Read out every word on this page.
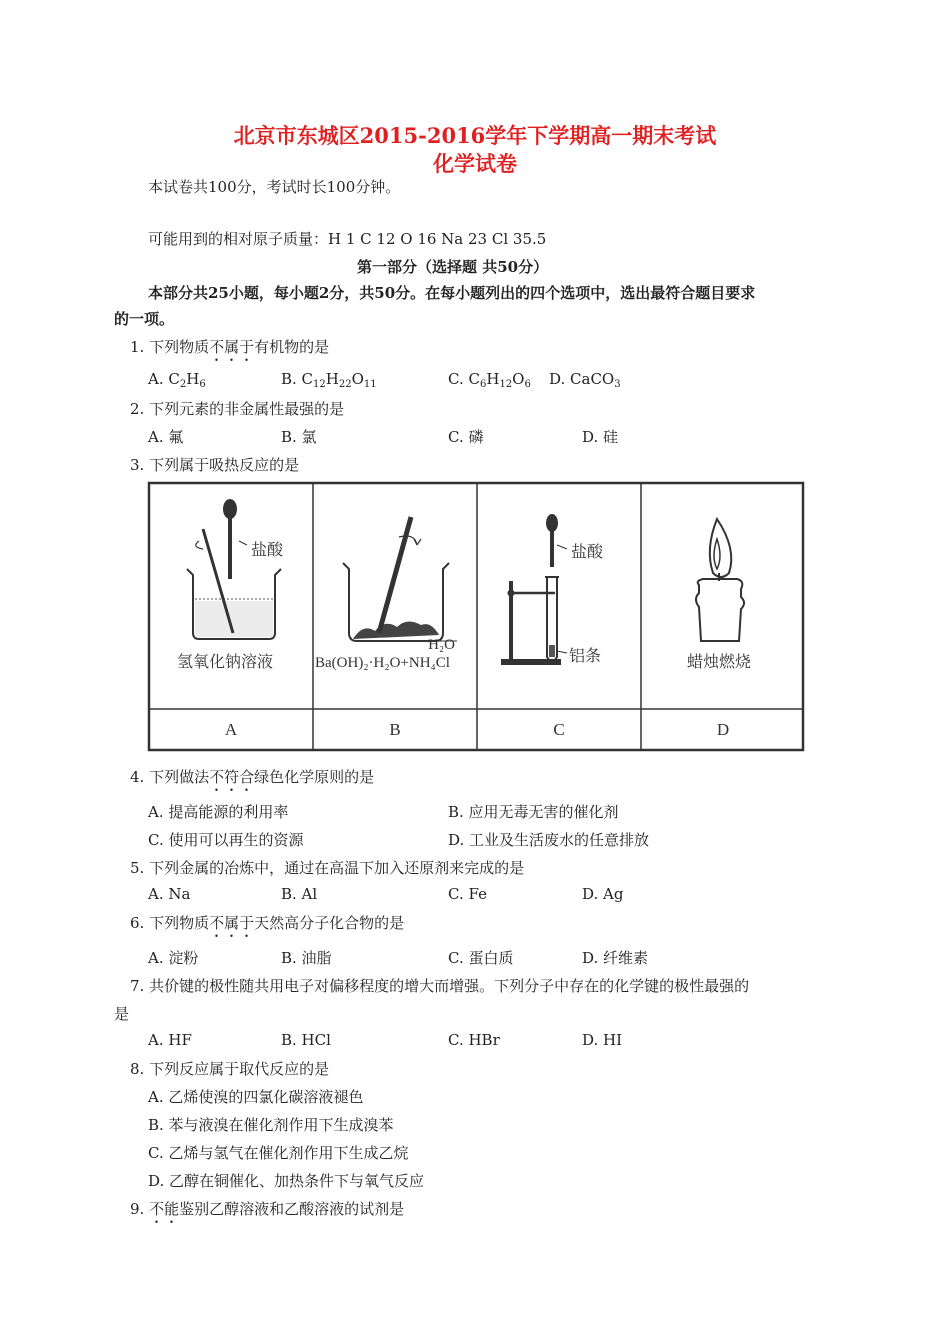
北京市东城区2015-2016学年下学期高一期末考试
化学试卷
本试卷共100分，考试时长100分钟。
可能用到的相对原子质量：H 1 C 12 O 16 Na 23 Cl 35.5
第一部分（选择题 共50分）
本部分共25小题，每小题2分，共50分。在每小题列出的四个选项中，选出最符合题目要求
的一项。
1. 下列物质不属于有机物的是
A. $C_2H_6$	B. $C_{12}H_{22}O_{11}$	C. $C_6H_{12}O_6$ D. CaCO$_3$
2. 下列元素的非金属性最强的是
A. 氟	B. 氯	C. 磷	D. 硅
3. 下列属于吸热反应的是
盐酸
氢氧化钠溶液
H₂O
Ba(OH)₂·H₂O+NH₄Cl
盐酸
铝条	蜡烛燃烧
A	B	C	D
4. 下列做法不符合绿色化学原则的是
A. 提高能源的利用率	B. 应用无毒无害的催化剂
C. 使用可以再生的资源	D. 工业及生活废水的任意排放
5. 下列金属的冶炼中，通过在高温下加入还原剂来完成的是
A. Na	B. Al	C. Fe	D. Ag
6. 下列物质不属于天然高分子化合物的是
A. 淀粉	B. 油脂	C. 蛋白质	D. 纤维素
7. 共价键的极性随共用电子对偏移程度的增大而增强。下列分子中存在的化学键的极性最强的
是
A. HF	B. HCl	C. HBr	D. HI
8. 下列反应属于取代反应的是
A. 乙烯使溴的四氯化碳溶液褪色
B. 苯与液溴在催化剂作用下生成溴苯
C. 乙烯与氢气在催化剂作用下生成乙烷
D. 乙醇在铜催化、加热条件下与氧气反应
9. 不能鉴别乙醇溶液和乙酸溶液的试剂是
